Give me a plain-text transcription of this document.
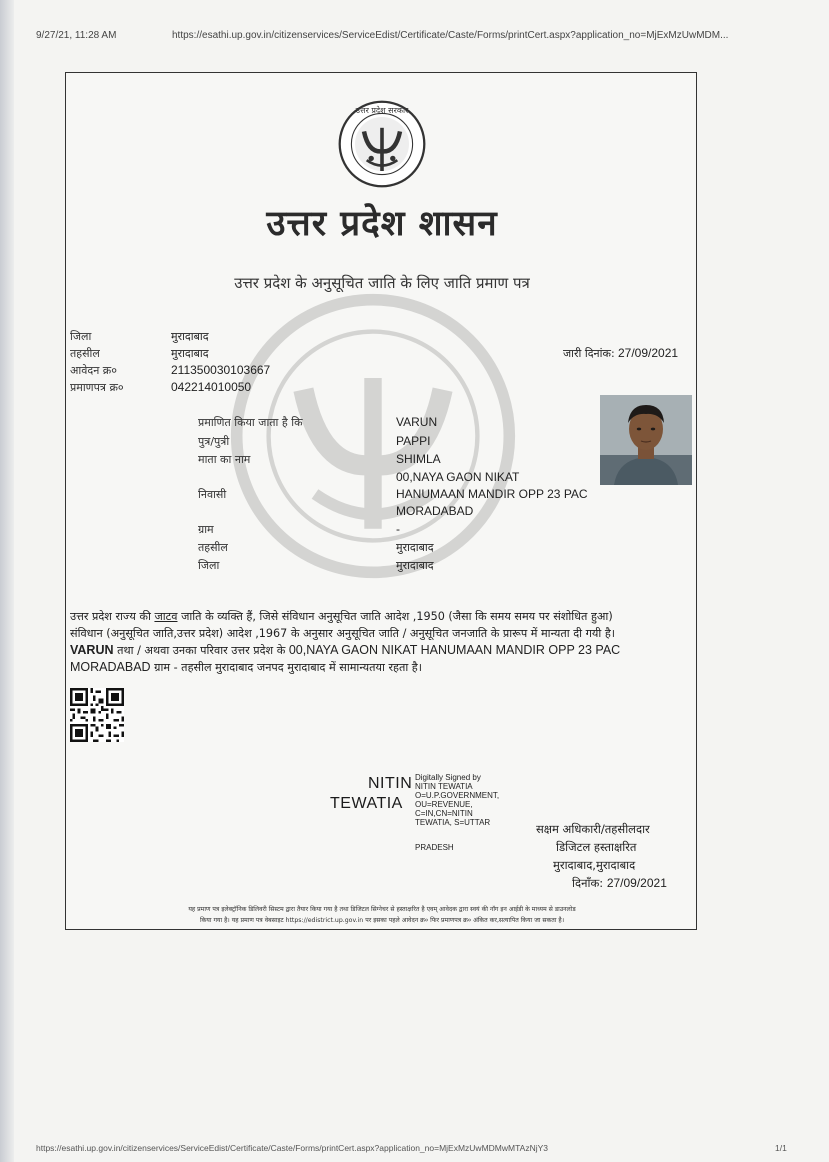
9/27/21, 11:28 AM	https://esathi.up.gov.in/citizenservices/ServiceEdist/Certificate/Caste/Forms/printCert.aspx?application_no=MjExMzUwMDM...
उत्तर प्रदेश सरकार
उत्तर प्रदेश शासन
उत्तर प्रदेश के अनुसूचित जाति के लिए जाति प्रमाण पत्र
जिला	मुरादाबाद
तहसील	मुरादाबाद
आवेदन क्र०	211350030103667
प्रमाणपत्र क्र०	042214010050
जारी दिनांक: 27/09/2021
प्रमाणित किया जाता है कि	VARUN
पुत्र/पुत्री	PAPPI
माता का नाम	SHIMLA
00,NAYA GAON NIKAT
निवासी	HANUMAAN MANDIR OPP 23 PAC
MORADABAD
ग्राम	-
तहसील	मुरादाबाद
जिला	मुरादाबाद
उत्तर प्रदेश राज्य की जाटव जाति के व्यक्ति हैं, जिसे संविधान अनुसूचित जाति आदेश ,1950 (जैसा कि समय समय पर संशोधित हुआ)
संविधान (अनुसूचित जाति,उत्तर प्रदेश) आदेश ,1967 के अनुसार अनुसूचित जाति / अनुसूचित जनजाति के प्रारूप में मान्यता दी गयी है।
VARUN तथा / अथवा उनका परिवार उत्तर प्रदेश के 00,NAYA GAON NIKAT HANUMAAN MANDIR OPP 23 PAC
MORADABAD ग्राम - तहसील मुरादाबाद जनपद मुरादाबाद में सामान्यतया रहता है।
NITIN
TEWATIA
Digitally Signed by
NITIN TEWATIA
O=U.P.GOVERNMENT,
OU=REVENUE,
C=IN,CN=NITIN
TEWATIA, S=UTTAR
PRADESH
सक्षम अधिकारी/तहसीलदार
डिजिटल हस्ताक्षरित
मुरादाबाद,मुरादाबाद
दिनाँक: 27/09/2021
यह प्रमाण पत्र इलेक्ट्रॉनिक डिलिवरी सिस्टम द्वारा तैयार किया गया है तथा डिजिटल सिग्नेचर से हस्ताक्षरित है एवम् आवेदक द्वारा स्वयं की नॉग इन आईडी के माध्यम से डाउनलोड
किया गया है। यह प्रमाण पत्र वेबसाइट https://edistrict.up.gov.in पर इसका पहले आवेदन क्र० फिर प्रमाणपत्र क्र० अंकित कर,सत्यापित किया जा सकता है।
https://esathi.up.gov.in/citizenservices/ServiceEdist/Certificate/Caste/Forms/printCert.aspx?application_no=MjExMzUwMDMwMTAzNjY3	1/1
